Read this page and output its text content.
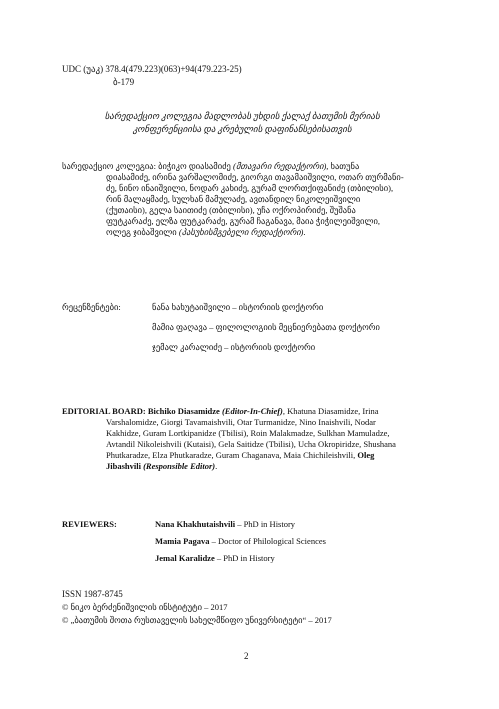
UDC (უაკ) 378.4(479.223)(063)+94(479.223-25)
ბ-179
სარედაქციო კოლეგია მადლობას უხდის ქალაქ ბათუმის მერიას
კონფერენციისა და კრებულის დაფინანსებისათვის
სარედაქციო კოლეგია: ბიჭიკო დიასამიძე (მთავარი რედაქტორი), ხათუნა
დიასამიძე, ირინა ვარშალომიძე, გიორგი თავამაიშვილი, ოთარ თურმანი-
ძე, ნინო ინაიშვილი, ნოდარ კახიძე, გურამ ლორთქიფანიძე (თბილისი),
რინ მალაყმაძე, სულხან მამულაძე, ავთანდილ ნიკოლეიშვილი
(ქუთაისი), გელა საითიძე (თბილისი), უჩა ოქროპირიძე, შუშანა
ფუტკარაძე, ელზა ფუტკარაძე, გურამ ჩაგანავა, მაია ჭიჭილეიშვილი,
ოლეგ ჯიბაშვილი (პასუხისმგებელი რედაქტორი).
რეცენზენტები:	ნანა ხახუტაიშვილი – ისტორიის დოქტორი
მამია ფაღავა – ფილოლოგიის მეცნიერებათა დოქტორი
ჯემალ კარალიძე – ისტორიის დოქტორი
EDITORIAL BOARD: Bichiko Diasamidze (Editor-In-Chief), Khatuna Diasamidze, Irina
Varshalomidze, Giorgi Tavamaishvili, Otar Turmanidze, Nino Inaishvili, Nodar
Kakhidze, Guram Lortkipanidze (Tbilisi), Roin Malakmadze, Sulkhan Mamuladze,
Avtandil Nikoleishvili (Kutaisi), Gela Saitidze (Tbilisi), Ucha Okropiridze, Shushana
Phutkaradze, Elza Phutkaradze, Guram Chaganava, Maia Chichileishvili, Oleg
Jibashvili (Responsible Editor).
REVIEWERS:	Nana Khakhutaishvili – PhD in History
Mamia Pagava – Doctor of Philological Sciences
Jemal Karalidze – PhD in History
ISSN 1987-8745
© ნიკო ბერძენიშვილის ინსტიტუტი – 2017
© „ბათუმის შოთა რუსთაველის სახელმწიფო უნივერსიტეტი“ – 2017
2
